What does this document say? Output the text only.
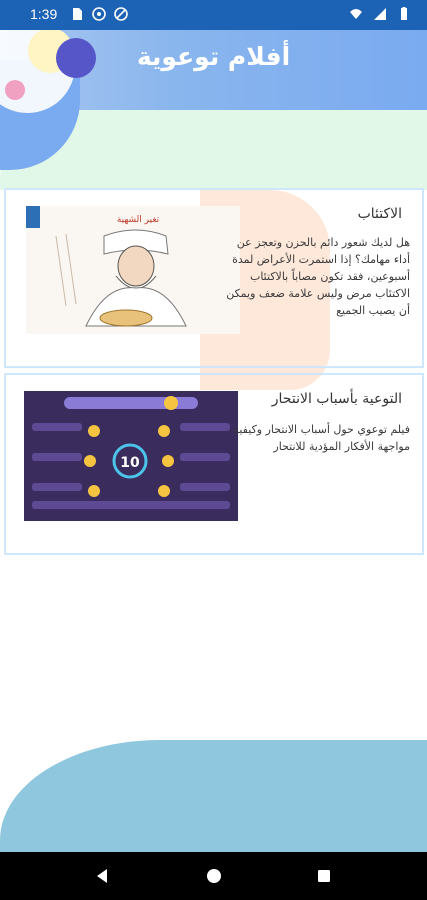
1:39
أفلام توعوية
تغير الشهية	الاكتئاب
هل لديك شعور دائم بالحزن وتعجز عن أداء مهامك؟ إذا استمرت الأعراض لمدة أسبوعين، فقد تكون مصاباً بالاكتئاب الاكتئاب مرض وليس علامة ضعف ويمكن أن يصيب الجميع
10
التوعية بأسباب الانتحار
فيلم توعوي حول أسباب الانتحار وكيفية مواجهة الأفكار المؤدية للانتحار
